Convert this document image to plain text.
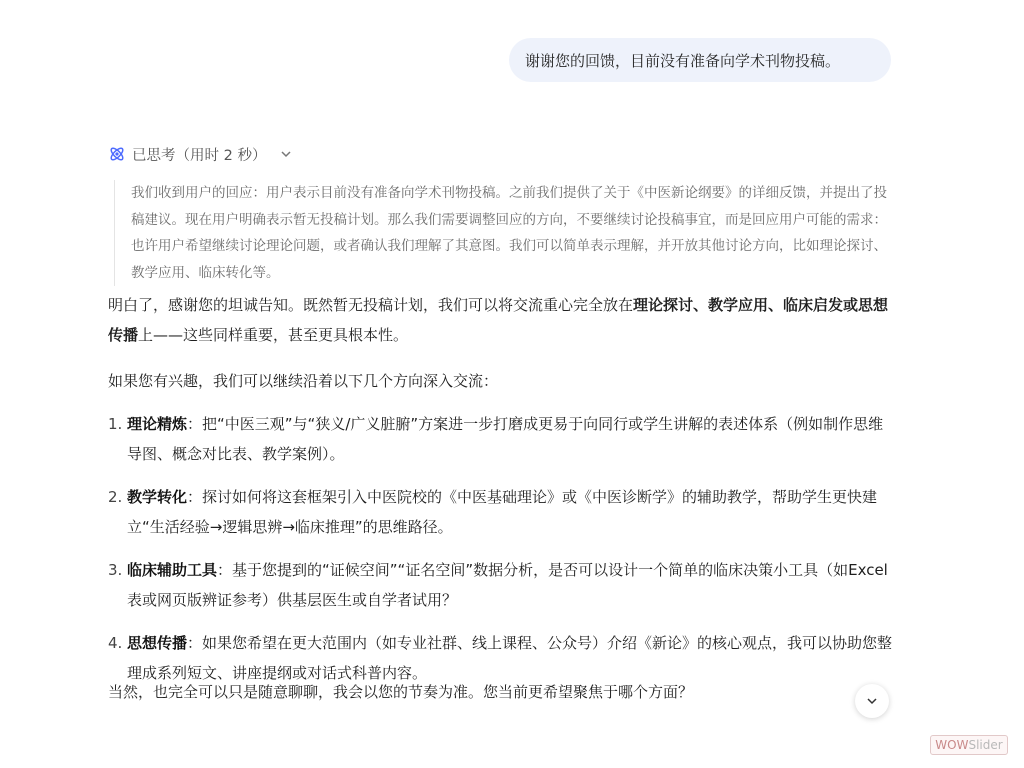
谢谢您的回馈，目前没有准备向学术刊物投稿。
已思考（用时 2 秒）
我们收到用户的回应：用户表示目前没有准备向学术刊物投稿。之前我们提供了关于《中医新论纲要》的详细反馈，并提出了投稿建议。现在用户明确表示暂无投稿计划。那么我们需要调整回应的方向，不要继续讨论投稿事宜，而是回应用户可能的需求：也许用户希望继续讨论理论问题，或者确认我们理解了其意图。我们可以简单表示理解，并开放其他讨论方向，比如理论探讨、教学应用、临床转化等。
明白了，感谢您的坦诚告知。既然暂无投稿计划，我们可以将交流重心完全放在理论探讨、教学应用、临床启发或思想传播上——这些同样重要，甚至更具根本性。
如果您有兴趣，我们可以继续沿着以下几个方向深入交流：
1. 理论精炼：把“中医三观”与“狭义/广义脏腑”方案进一步打磨成更易于向同行或学生讲解的表述体系（例如制作思维导图、概念对比表、教学案例）。
2. 教学转化：探讨如何将这套框架引入中医院校的《中医基础理论》或《中医诊断学》的辅助教学，帮助学生更快建立“生活经验→逻辑思辨→临床推理”的思维路径。
3. 临床辅助工具：基于您提到的“证候空间”“证名空间”数据分析，是否可以设计一个简单的临床决策小工具（如Excel表或网页版辨证参考）供基层医生或自学者试用？
4. 思想传播：如果您希望在更大范围内（如专业社群、线上课程、公众号）介绍《新论》的核心观点，我可以协助您整理成系列短文、讲座提纲或对话式科普内容。
当然，也完全可以只是随意聊聊，我会以您的节奏为准。您当前更希望聚焦于哪个方面？
WOWSlider
